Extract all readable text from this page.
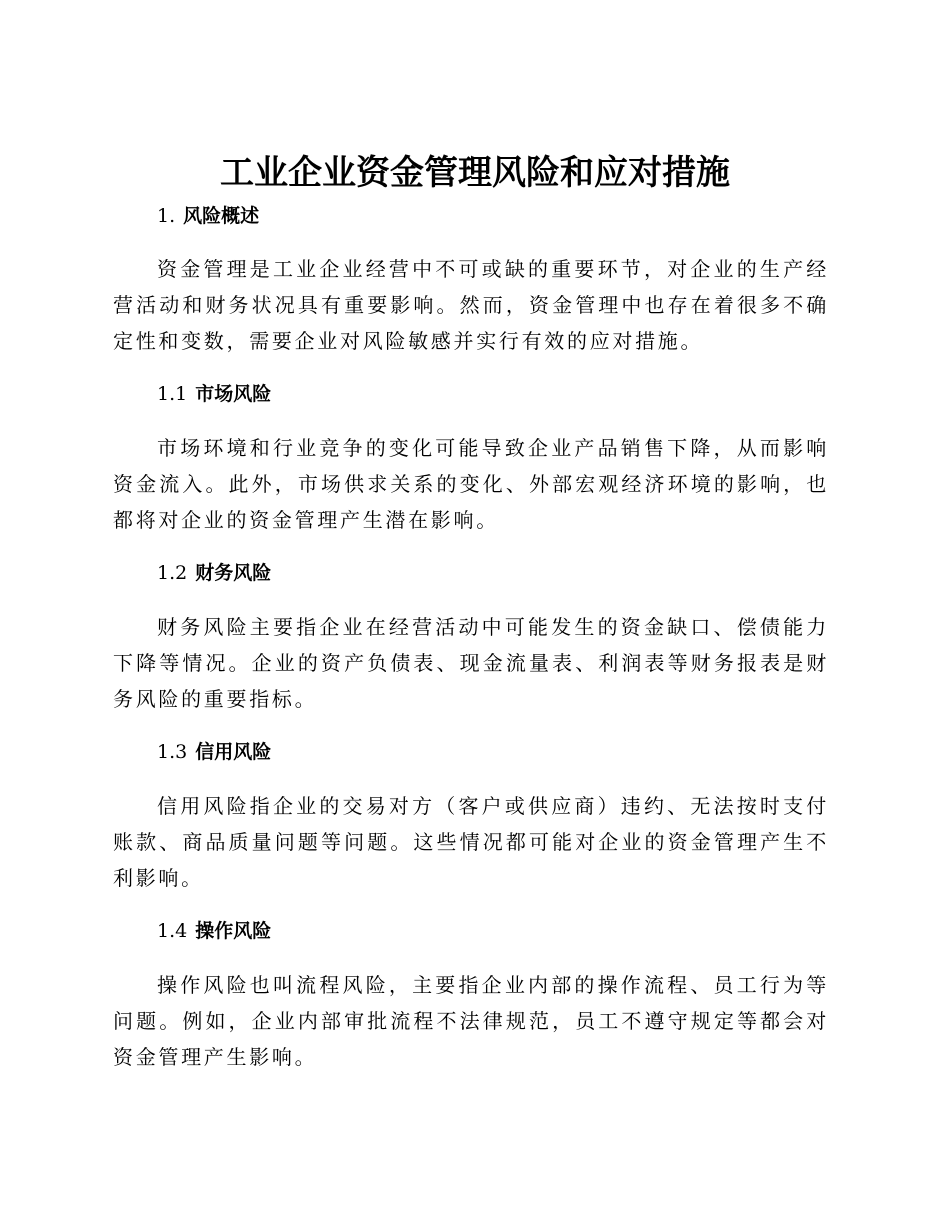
工业企业资金管理风险和应对措施
1. 风险概述

资金管理是工业企业经营中不可或缺的重要环节，对企业的生产经营活动和财务状况具有重要影响。然而，资金管理中也存在着很多不确定性和变数，需要企业对风险敏感并实行有效的应对措施。

1.1 市场风险

市场环境和行业竞争的变化可能导致企业产品销售下降，从而影响资金流入。此外，市场供求关系的变化、外部宏观经济环境的影响，也都将对企业的资金管理产生潜在影响。

1.2 财务风险

财务风险主要指企业在经营活动中可能发生的资金缺口、偿债能力下降等情况。企业的资产负债表、现金流量表、利润表等财务报表是财务风险的重要指标。

1.3 信用风险

信用风险指企业的交易对方（客户或供应商）违约、无法按时支付账款、商品质量问题等问题。这些情况都可能对企业的资金管理产生不利影响。

1.4 操作风险

操作风险也叫流程风险，主要指企业内部的操作流程、员工行为等问题。例如，企业内部审批流程不法律规范，员工不遵守规定等都会对资金管理产生影响。
